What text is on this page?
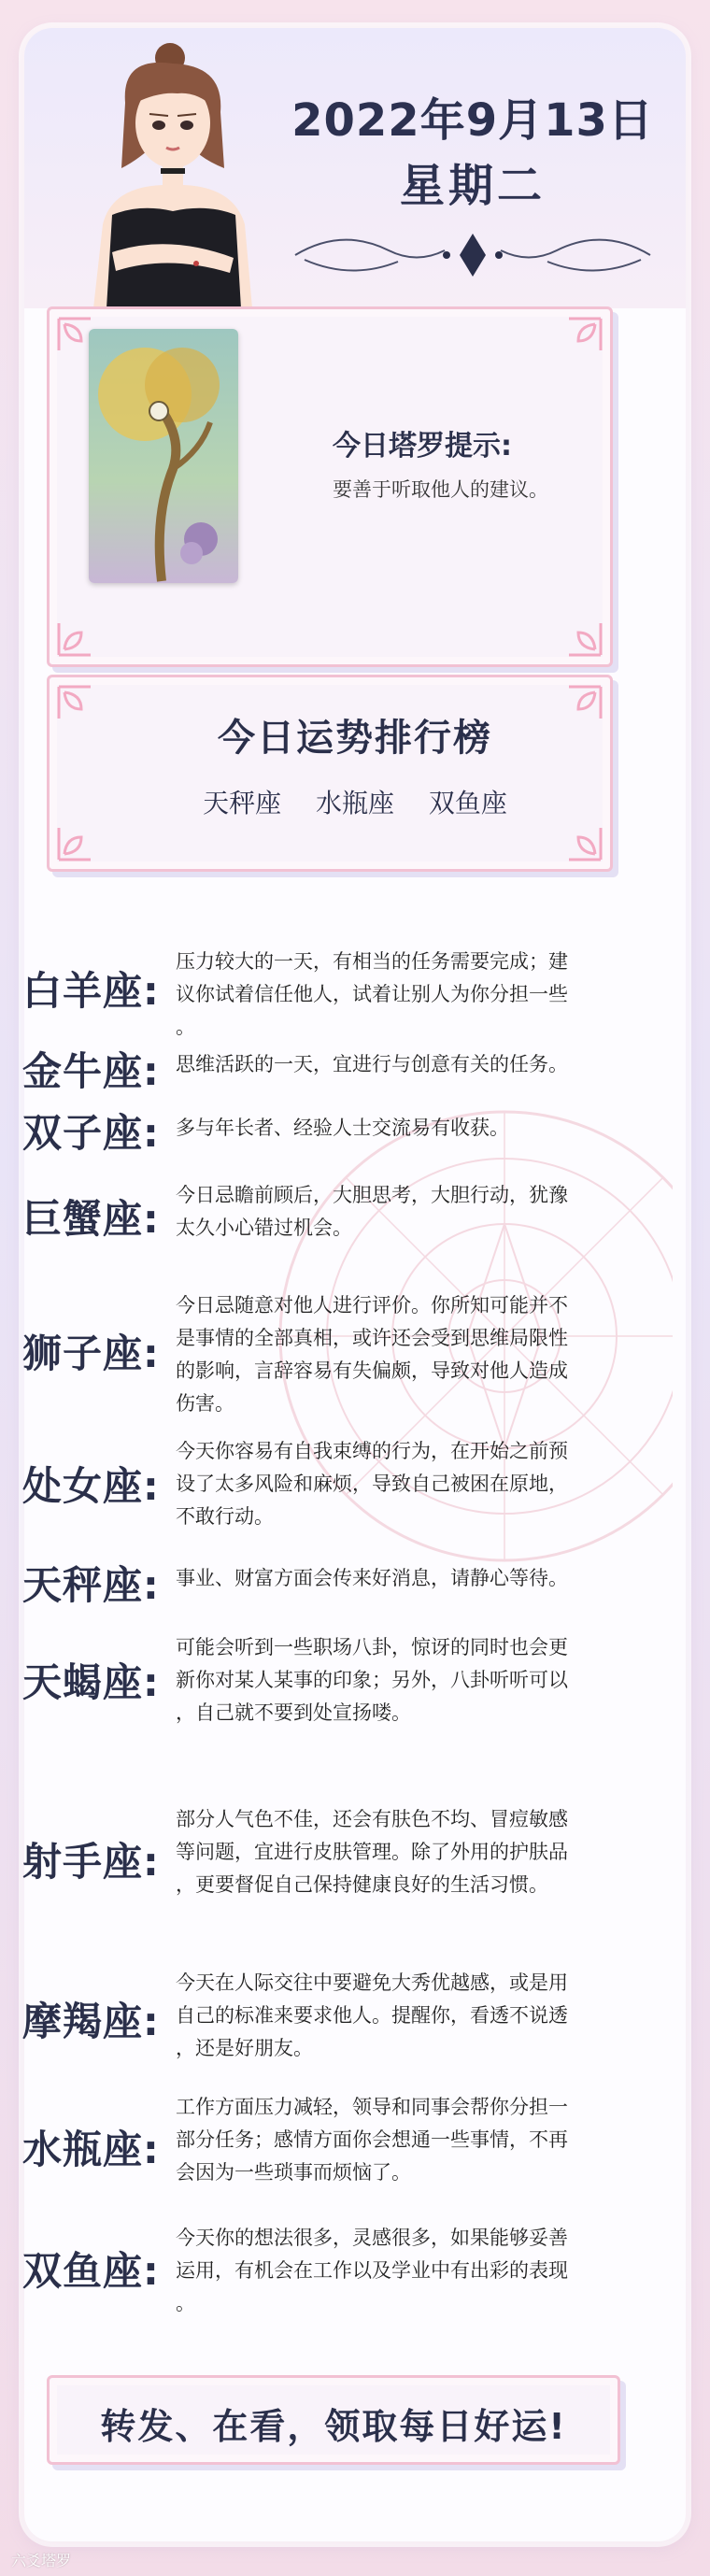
2022年9月13日
星期二
今日塔罗提示:
要善于听取他人的建议。
今日运势排行榜
天秤座 水瓶座 双鱼座
白羊座:
压力较大的一天，有相当的任务需要完成；建
议你试着信任他人，试着让别人为你分担一些
。
金牛座: 思维活跃的一天，宜进行与创意有关的任务。
双子座: 多与年长者、经验人士交流易有收获。
巨蟹座:
今日忌瞻前顾后，大胆思考，大胆行动，犹豫
太久小心错过机会。
狮子座:
今日忌随意对他人进行评价。你所知可能并不
是事情的全部真相，或许还会受到思维局限性
的影响，言辞容易有失偏颇，导致对他人造成
伤害。
处女座:
今天你容易有自我束缚的行为，在开始之前预
设了太多风险和麻烦，导致自己被困在原地，
不敢行动。
天秤座: 事业、财富方面会传来好消息，请静心等待。
天蝎座:
可能会听到一些职场八卦，惊讶的同时也会更
新你对某人某事的印象；另外，八卦听听可以
，自己就不要到处宣扬喽。
射手座:
部分人气色不佳，还会有肤色不均、冒痘敏感
等问题，宜进行皮肤管理。除了外用的护肤品
，更要督促自己保持健康良好的生活习惯。
摩羯座:
今天在人际交往中要避免大秀优越感，或是用
自己的标准来要求他人。提醒你，看透不说透
，还是好朋友。
水瓶座:
工作方面压力减轻，领导和同事会帮你分担一
部分任务；感情方面你会想通一些事情，不再
会因为一些琐事而烦恼了。
双鱼座:
今天你的想法很多，灵感很多，如果能够妥善
运用，有机会在工作以及学业中有出彩的表现
。
转发、在看，领取每日好运!
六爻塔罗
